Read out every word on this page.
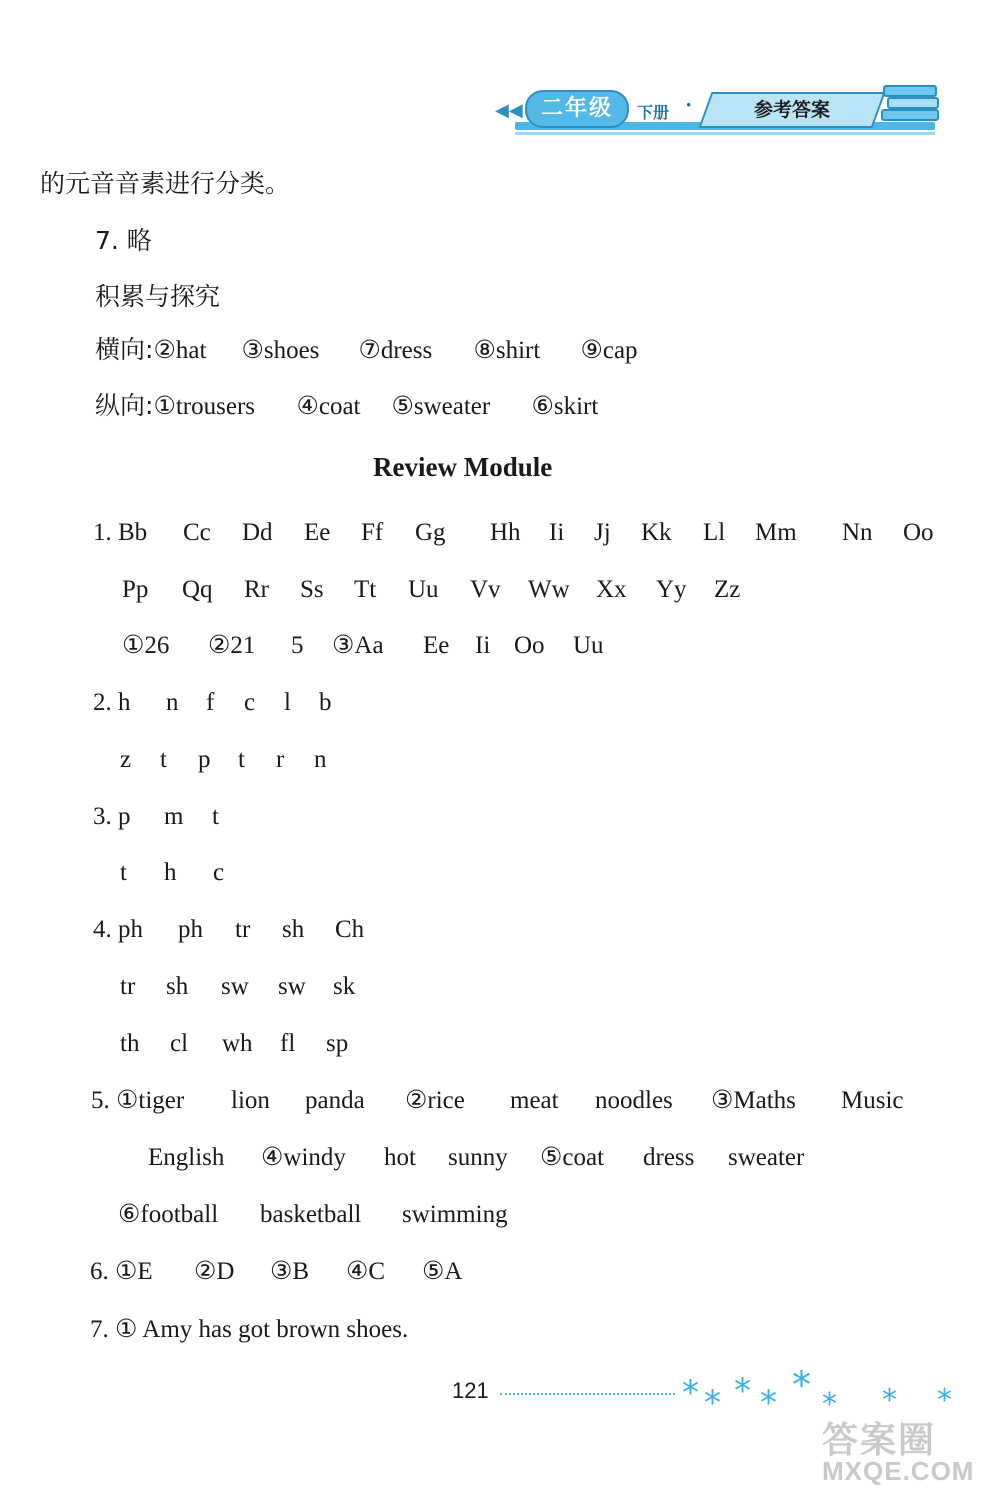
◀◀ 二年级	下册 ·	参考答案
的元音音素进行分类。
7. 略
积累与探究
横向:②hat ③shoes ⑦dress ⑧shirt ⑨cap
纵向:①trousers ④coat ⑤sweater ⑥skirt
Review Module
1. Bb Cc Dd Ee Ff Gg Hh Ii Jj Kk Ll Mm Nn Oo
Pp Qq Rr Ss Tt Uu Vv Ww Xx Yy Zz
①26 ②21 5 ③Aa Ee Ii Oo Uu
2. h n f c l b
z t p t r n
3. p m t
t h c
4. ph ph tr sh Ch
tr sh sw sw sk
th cl wh fl sp
5. ①tiger lion panda ②rice meat noodles ③Maths Music
English ④windy hot sunny ⑤coat dress sweater
⑥football basketball swimming
6. ①E ②D ③B ④C ⑤A
7. ① Amy has got brown shoes.
121	* * * * * * * *
答案圈
MXQE.COM
